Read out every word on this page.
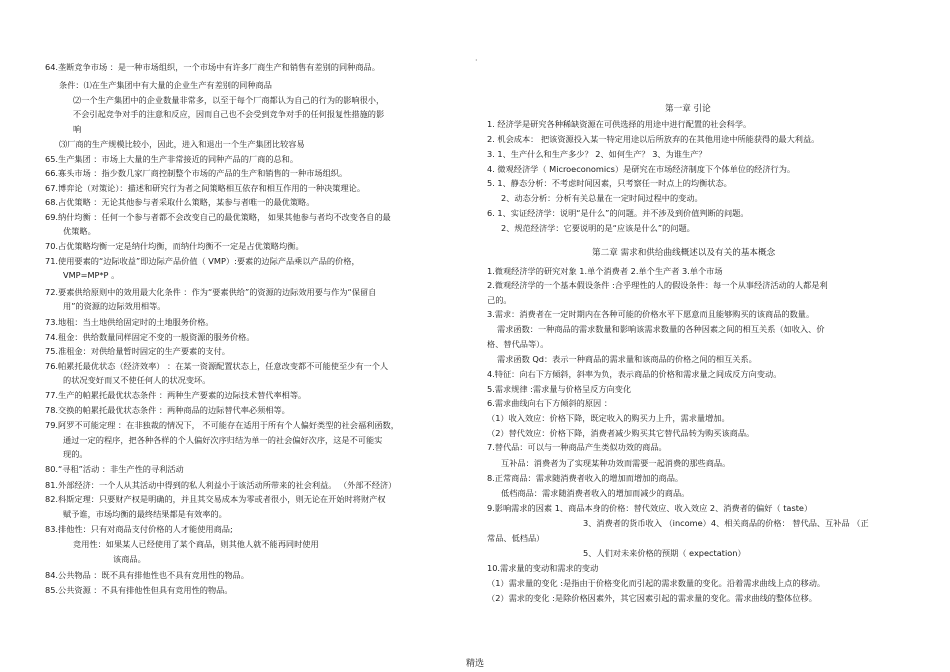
64.垄断竞争市场 ：是一种市场组织，一个市场中有许多厂商生产和销售有差别的同种商品。
条件：⑴在生产集团中有大量的企业生产有差别的同种商品
⑵一个生产集团中的企业数量非常多，以至于每个厂商都认为自己的行为的影响很小，
不会引起竞争对手的注意和反应，因而自己也不会受到竞争对手的任何报复性措施的影
响
⑶厂商的生产规模比较小，因此，进入和退出一个生产集团比较容易
65.生产集团 ：市场上大量的生产非常接近的同种产品的厂商的总和。
66.寡头市场 ：指少数几家厂商控制整个市场的产品的生产和销售的一种市场组织。
67.博弈论（对策论）：描述和研究行为者之间策略相互依存和相互作用的一种决策理论。
68.占优策略 ：无论其他参与者采取什么策略，某参与者唯一的最优策略。
69.纳什均衡 ：任何一个参与者都不会改变自己的最优策略， 如果其他参与者均不改变各自的最
优策略。
70.占优策略均衡一定是纳什均衡，而纳什均衡不一定是占优策略均衡。
71.使用要素的“边际收益”即边际产品价值（ VMP）:要素的边际产品乘以产品的价格，
VMP=MP*P 。
72.要素供给原则中的效用最大化条件 ：作为“要素供给”的资源的边际效用要与作为“保留自
用”的资源的边际效用相等。
73.地租：当土地供给固定时的土地服务价格。
74.租金：供给数量同样固定不变的一般资源的服务价格。
75.准租金：对供给量暂时固定的生产要素的支付。
76.帕累托最优状态（经济效率） ：在某一资源配置状态上，任意改变都不可能使至少有一个人
的状况变好而又不使任何人的状况变坏。
77.生产的帕累托最优状态条件 ：两种生产要素的边际技术替代率相等。
78.交换的帕累托最优状态条件 ：两种商品的边际替代率必须相等。
79.阿罗不可能定理 ：在非独裁的情况下， 不可能存在适用于所有个人偏好类型的社会福利函数，
通过一定的程序，把各种各样的个人偏好次序归结为单一的社会偏好次序，这是不可能实
现的。
80.“寻租”活动 ：非生产性的寻利活动
81.外部经济：一个人从其活动中得到的私人利益小于该活动所带来的社会利益。 （外部不经济）
82.科斯定理：只要财产权是明确的，并且其交易成本为零或者很小，则无论在开始时将财产权
赋予谁，市场均衡的最终结果都是有效率的。
83.排他性：只有对商品支付价格的人才能使用商品;
竞用性：如果某人已经使用了某个商品，则其他人就不能再同时使用
该商品。
84.公共物品 ：既不具有排他性也不具有竞用性的物品。
85.公共资源 ：不具有排他性但具有竞用性的物品。
·
第一章 引论
1. 经济学是研究各种稀缺资源在可供选择的用途中进行配置的社会科学。
2. 机会成本： 把该资源投入某一特定用途以后所放弃的在其他用途中所能获得的最大利益。
3. 1、生产什么和生产多少？ 2、如何生产？ 3、为谁生产？
4. 微观经济学（ Microeconomics）是研究在市场经济制度下个体单位的经济行为。
5. 1、静态分析：不考虑时间因素，只考察任一时点上的均衡状态。
2、动态分析：分析有关总量在一定时间过程中的变动。
6. 1、实证经济学：说明“是什么”的问题。并不涉及到价值判断的问题。
2、规范经济学：它要说明的是“应该是什么”的问题。
第二章 需求和供给曲线概述以及有关的基本概念
1.微观经济学的研究对象 1.单个消费者 2.单个生产者 3.单个市场
2.微观经济学的一个基本假设条件 :合乎理性的人的假设条件：每一个从事经济活动的人都是利
己的。
3.需求：消费者在一定时期内在各种可能的价格水平下愿意而且能够购买的该商品的数量。
需求函数：一种商品的需求数量和影响该需求数量的各种因素之间的相互关系（如收入、价
格、替代品等）。
需求函数 Qd：表示一种商品的需求量和该商品的价格之间的相互关系。
4.特征：向右下方倾斜，斜率为负，表示商品的价格和需求量之间成反方向变动。
5.需求规律 :需求量与价格呈反方向变化
6.需求曲线向右下方倾斜的原因 ：
（1）收入效应：价格下降，既定收入的购买力上升，需求量增加。
（2）替代效应：价格下降，消费者减少购买其它替代品转为购买该商品。
7.替代品：可以与一种商品产生类似功效的商品。
互补品：消费者为了实现某种功效而需要一起消费的那些商品。
8.正常商品：需求随消费者收入的增加而增加的商品。
低档商品：需求随消费者收入的增加而减少的商品。
9.影响需求的因素 1、商品本身的价格：替代效应、收入效应 2、消费者的偏好（ taste）
3、消费者的货币收入 （income）4、相关商品的价格： 替代品、互补品 （正
常品、低档品）
5、人们对未来价格的预期（ expectation）
10.需求量的变动和需求的变动
（1）需求量的变化 :是指由于价格变化而引起的需求数量的变化。沿着需求曲线上点的移动。
（2）需求的变化 :是除价格因素外，其它因素引起的需求量的变化。需求曲线的整体位移。
精选
